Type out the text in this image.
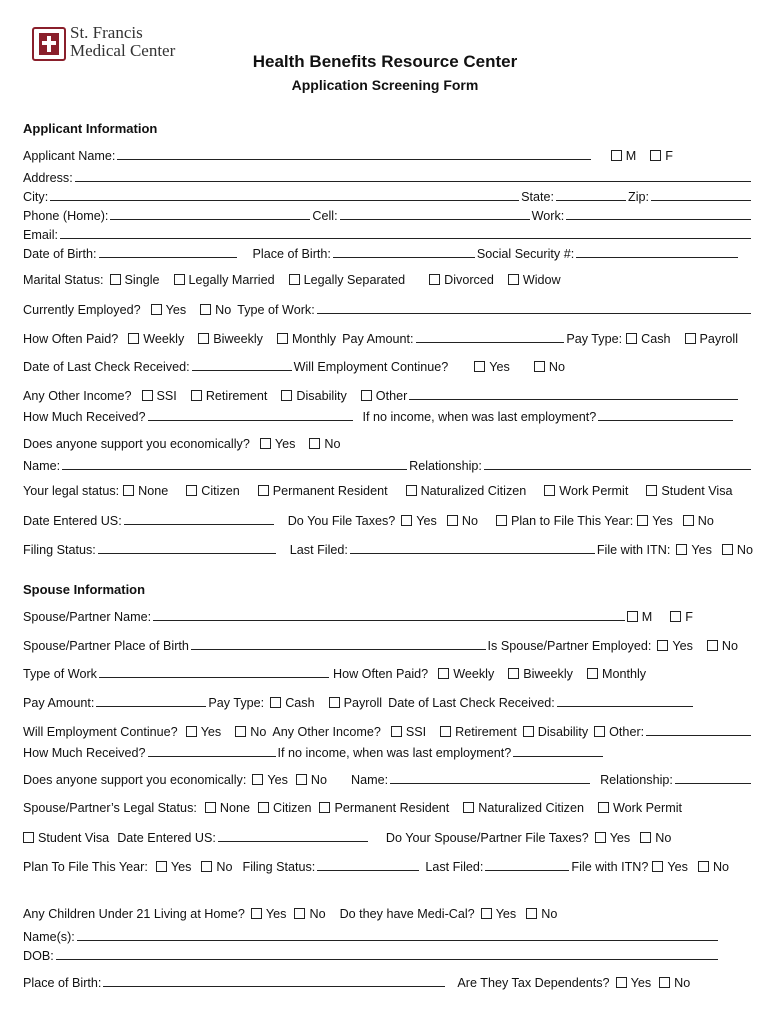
St. Francis
Medical Center
Health Benefits Resource Center
Application Screening Form
Applicant Information
Applicant Name:	M F
Address:
City:	State:	Zip:
Phone (Home):	Cell:	Work:
Email:
Date of Birth:	Place of Birth:	Social Security #:
Marital Status: Single Legally Married Legally Separated	Divorced Widow
Currently Employed? Yes No Type of Work:
How Often Paid? Weekly Biweekly Monthly Pay Amount:	Pay Type: Cash Payroll
Date of Last Check Received:	Will Employment Continue?	Yes	No
Any Other Income? SSI Retirement Disability Other
How Much Received?	If no income, when was last employment?
Does anyone support you economically? Yes No
Name:	Relationship:
Your legal status: None	Citizen	Permanent Resident	Naturalized Citizen	Work Permit	Student Visa
Date Entered US:	Do You File Taxes? Yes No	Plan to File This Year: Yes No
Filing Status:	Last Filed:	File with ITN: Yes No
Spouse Information
Spouse/Partner Name:	M	F
Spouse/Partner Place of Birth	Is Spouse/Partner Employed: Yes No
Type of Work	How Often Paid? Weekly Biweekly Monthly
Pay Amount:	Pay Type: Cash Payroll Date of Last Check Received:
Will Employment Continue? Yes No Any Other Income? SSI Retirement Disability Other:
How Much Received?	If no income, when was last employment?
Does anyone support you economically: Yes No Name:	Relationship:
Spouse/Partner’s Legal Status: None Citizen Permanent Resident Naturalized Citizen Work Permit
Student Visa Date Entered US:	Do Your Spouse/Partner File Taxes? Yes No
Plan To File This Year: Yes No Filing Status:	Last Filed:	File with ITN? Yes No
Any Children Under 21 Living at Home? Yes No Do they have Medi-Cal? Yes No
Name(s):
DOB:
Place of Birth:	Are They Tax Dependents? Yes No
